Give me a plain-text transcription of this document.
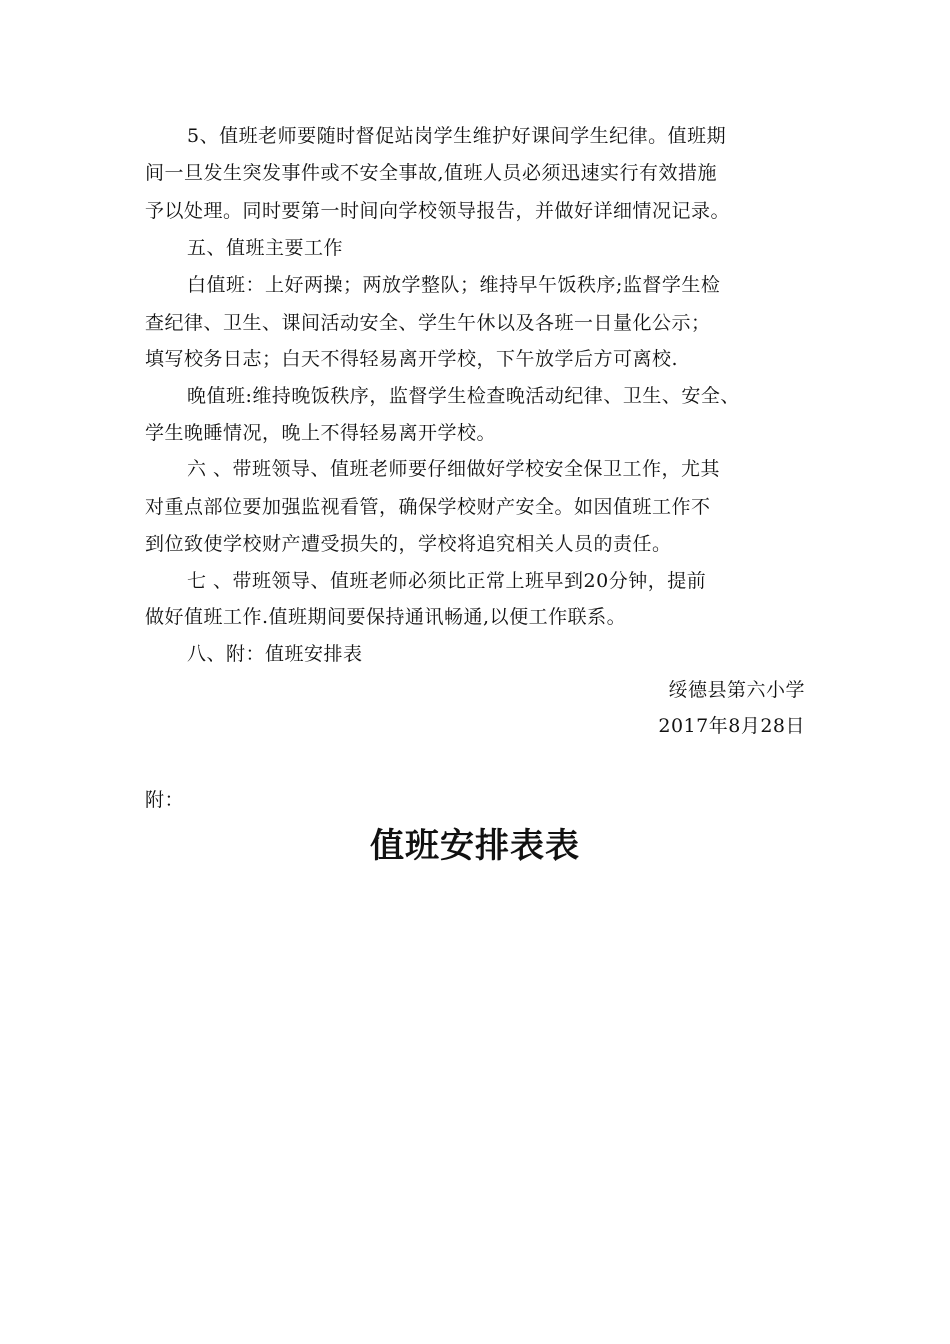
5、值班老师要随时督促站岗学生维护好课间学生纪律。值班期
间一旦发生突发事件或不安全事故,值班人员必须迅速实行有效措施
予以处理。同时要第一时间向学校领导报告，并做好详细情况记录。
五、值班主要工作
白值班：上好两操；两放学整队；维持早午饭秩序;监督学生检
查纪律、卫生、课间活动安全、学生午休以及各班一日量化公示；
填写校务日志；白天不得轻易离开学校，下午放学后方可离校.
晚值班:维持晚饭秩序，监督学生检查晚活动纪律、卫生、安全、
学生晚睡情况，晚上不得轻易离开学校。
六 、带班领导、值班老师要仔细做好学校安全保卫工作，尤其
对重点部位要加强监视看管，确保学校财产安全。如因值班工作不
到位致使学校财产遭受损失的，学校将追究相关人员的责任。
七 、带班领导、值班老师必须比正常上班早到20分钟，提前
做好值班工作.值班期间要保持通讯畅通,以便工作联系。
八、附：值班安排表
绥德县第六小学
2017年8月28日
附：
值班安排表表
